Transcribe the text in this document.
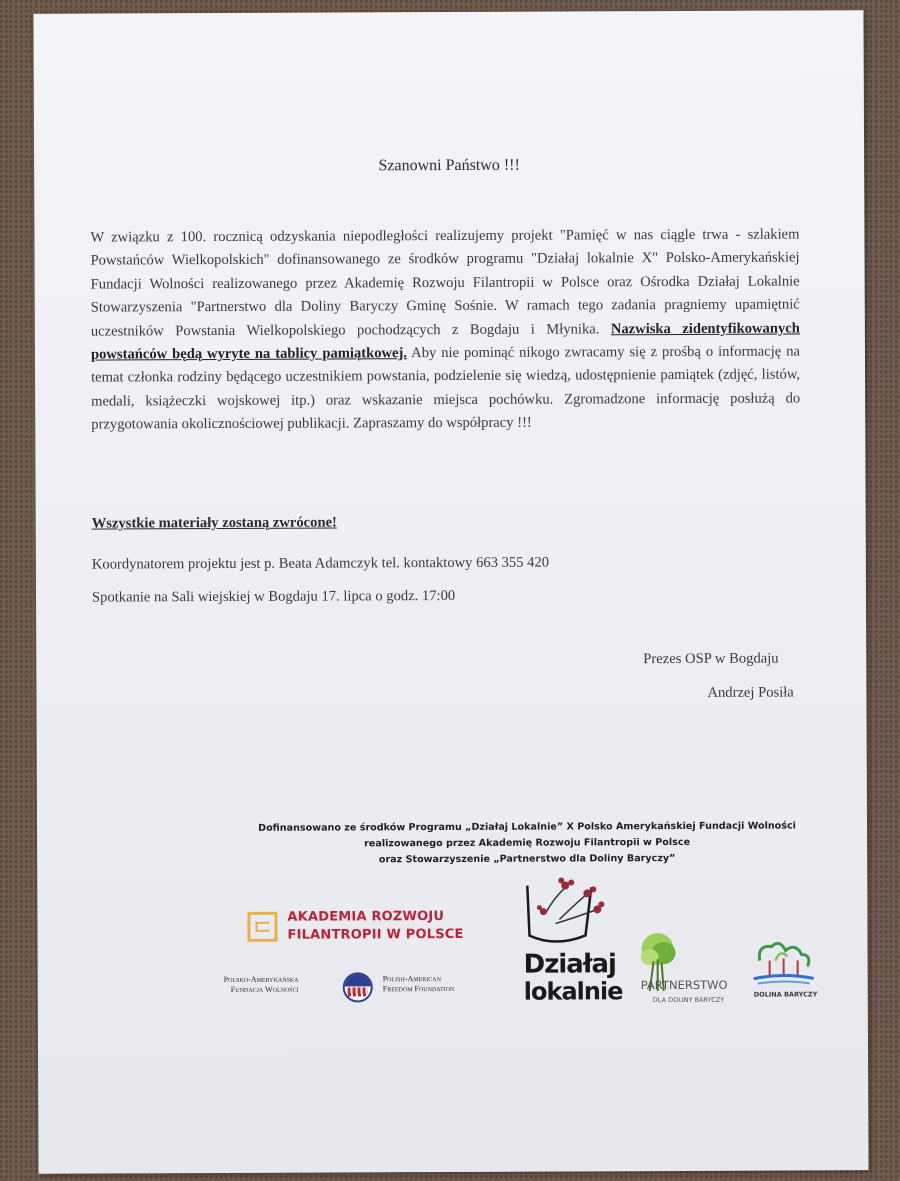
Szanowni Państwo !!!
W związku z 100. rocznicą odzyskania niepodległości realizujemy projekt "Pamięć w nas ciągle trwa - szlakiem Powstańców Wielkopolskich" dofinansowanego ze środków programu "Działaj lokalnie X" Polsko-Amerykańskiej Fundacji Wolności realizowanego przez Akademię Rozwoju Filantropii w Polsce oraz Ośrodka Działaj Lokalnie Stowarzyszenia "Partnerstwo dla Doliny Baryczy Gminę Sośnie. W ramach tego zadania pragniemy upamiętnić uczestników Powstania Wielkopolskiego pochodzących z Bogdaju i Młynika. Nazwiska zidentyfikowanych powstańców będą wyryte na tablicy pamiątkowej. Aby nie pominąć nikogo zwracamy się z prośbą o informację na temat członka rodziny będącego uczestnikiem powstania, podzielenie się wiedzą, udostępnienie pamiątek (zdjęć, listów, medali, książeczki wojskowej itp.) oraz wskazanie miejsca pochówku. Zgromadzone informację posłużą do przygotowania okolicznościowej publikacji. Zapraszamy do współpracy !!!
Wszystkie materiały zostaną zwrócone!
Koordynatorem projektu jest p. Beata Adamczyk tel. kontaktowy 663 355 420
Spotkanie na Sali wiejskiej w Bogdaju 17. lipca o godz. 17:00
Prezes OSP w Bogdaju
Andrzej Posiła
Dofinansowano ze środków Programu „Działaj Lokalnie” X Polsko Amerykańskiej Fundacji Wolności
realizowanego przez Akademię Rozwoju Filantropii w Polsce
oraz Stowarzyszenie „Partnerstwo dla Doliny Baryczy”
AKADEMIA ROZWOJU
FILANTROPII W POLSCE
Polsko-Amerykańska
Fundacja Wolności
Polish-American
Freedom Foundation
Działaj
lokalnie PARTNERSTWO
DLA DOLINY BARYCZY
DOLINA BARYCZY
